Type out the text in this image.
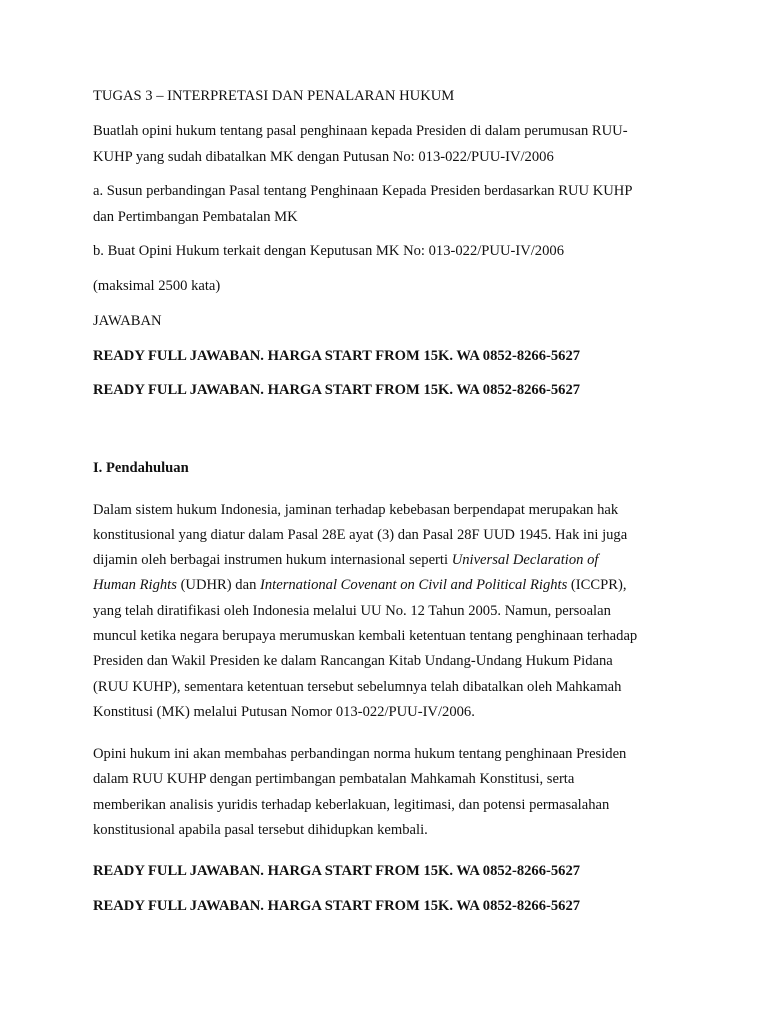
TUGAS 3 – INTERPRETASI DAN PENALARAN HUKUM

Buatlah opini hukum tentang pasal penghinaan kepada Presiden di dalam perumusan RUU-

KUHP yang sudah dibatalkan MK dengan Putusan No: 013-022/PUU-IV/2006

a. Susun perbandingan Pasal tentang Penghinaan Kepada Presiden berdasarkan RUU KUHP

dan Pertimbangan Pembatalan MK

b. Buat Opini Hukum terkait dengan Keputusan MK No: 013-022/PUU-IV/2006

(maksimal 2500 kata)

JAWABAN

READY FULL JAWABAN. HARGA START FROM 15K. WA 0852-8266-5627

READY FULL JAWABAN. HARGA START FROM 15K. WA 0852-8266-5627

I. Pendahuluan

Dalam sistem hukum Indonesia, jaminan terhadap kebebasan berpendapat merupakan hak

konstitusional yang diatur dalam Pasal 28E ayat (3) dan Pasal 28F UUD 1945. Hak ini juga

dijamin oleh berbagai instrumen hukum internasional seperti Universal Declaration of

Human Rights (UDHR) dan International Covenant on Civil and Political Rights (ICCPR),

yang telah diratifikasi oleh Indonesia melalui UU No. 12 Tahun 2005. Namun, persoalan

muncul ketika negara berupaya merumuskan kembali ketentuan tentang penghinaan terhadap

Presiden dan Wakil Presiden ke dalam Rancangan Kitab Undang-Undang Hukum Pidana

(RUU KUHP), sementara ketentuan tersebut sebelumnya telah dibatalkan oleh Mahkamah

Konstitusi (MK) melalui Putusan Nomor 013-022/PUU-IV/2006.

Opini hukum ini akan membahas perbandingan norma hukum tentang penghinaan Presiden

dalam RUU KUHP dengan pertimbangan pembatalan Mahkamah Konstitusi, serta

memberikan analisis yuridis terhadap keberlakuan, legitimasi, dan potensi permasalahan

konstitusional apabila pasal tersebut dihidupkan kembali.

READY FULL JAWABAN. HARGA START FROM 15K. WA 0852-8266-5627

READY FULL JAWABAN. HARGA START FROM 15K. WA 0852-8266-5627
